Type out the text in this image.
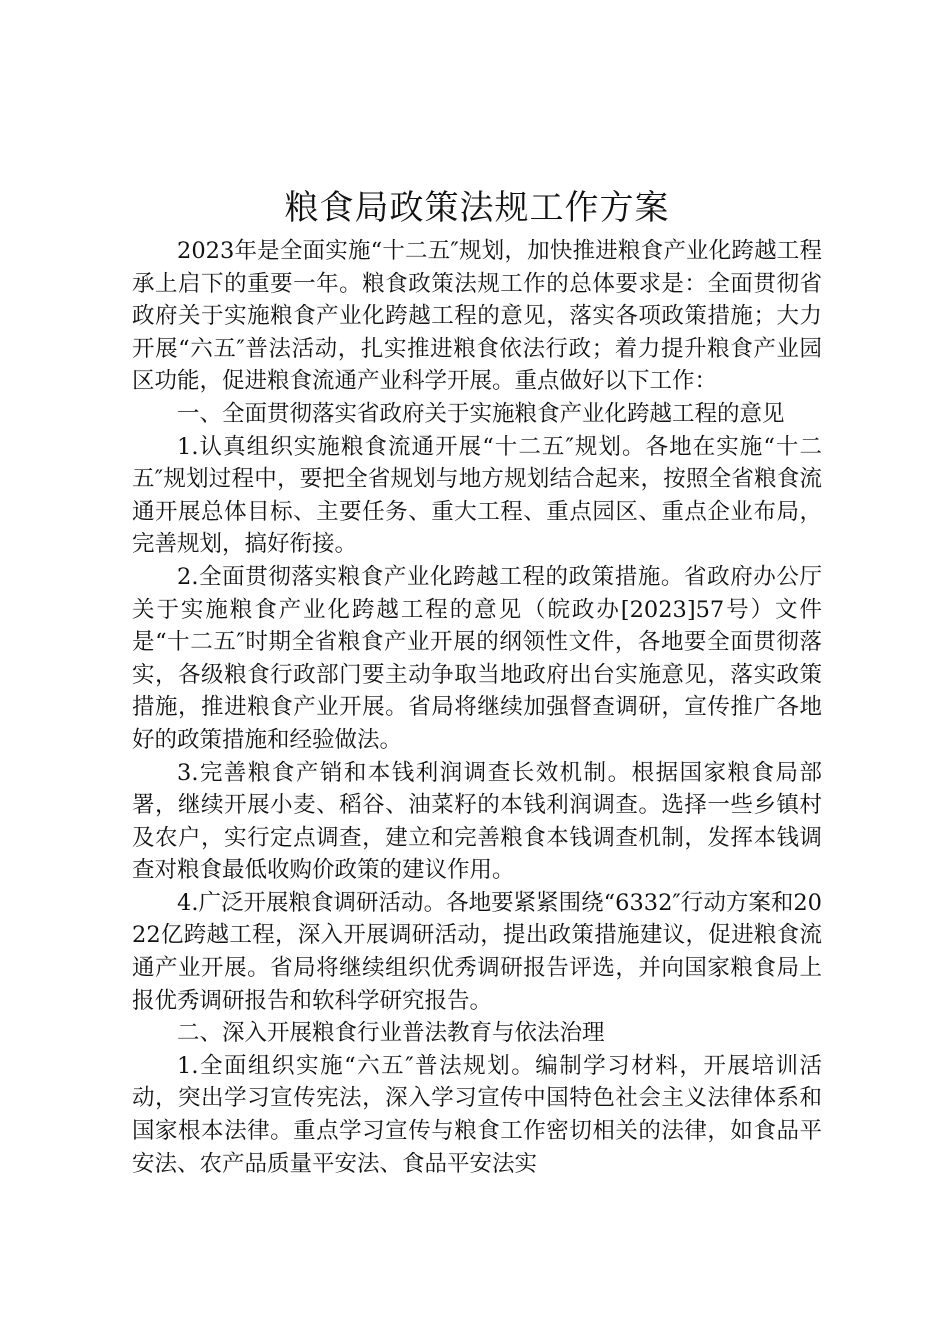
粮食局政策法规工作方案

2023年是全面实施“十二五″规划，加快推进粮食产业化跨越工程承上启下的重要一年。粮食政策法规工作的总体要求是：全面贯彻省政府关于实施粮食产业化跨越工程的意见，落实各项政策措施；大力开展“六五″普法活动，扎实推进粮食依法行政；着力提升粮食产业园区功能，促进粮食流通产业科学开展。重点做好以下工作：

一、全面贯彻落实省政府关于实施粮食产业化跨越工程的意见

1.认真组织实施粮食流通开展“十二五″规划。各地在实施“十二五″规划过程中，要把全省规划与地方规划结合起来，按照全省粮食流通开展总体目标、主要任务、重大工程、重点园区、重点企业布局，完善规划，搞好衔接。

2.全面贯彻落实粮食产业化跨越工程的政策措施。省政府办公厅关于实施粮食产业化跨越工程的意见（皖政办[2023]57号）文件是“十二五″时期全省粮食产业开展的纲领性文件，各地要全面贯彻落实，各级粮食行政部门要主动争取当地政府出台实施意见，落实政策措施，推进粮食产业开展。省局将继续加强督查调研，宣传推广各地好的政策措施和经验做法。

3.完善粮食产销和本钱利润调查长效机制。根据国家粮食局部署，继续开展小麦、稻谷、油菜籽的本钱利润调查。选择一些乡镇村及农户，实行定点调查，建立和完善粮食本钱调查机制，发挥本钱调查对粮食最低收购价政策的建议作用。

4.广泛开展粮食调研活动。各地要紧紧围绕“6332″行动方案和2022亿跨越工程，深入开展调研活动，提出政策措施建议，促进粮食流通产业开展。省局将继续组织优秀调研报告评选，并向国家粮食局上报优秀调研报告和软科学研究报告。

二、深入开展粮食行业普法教育与依法治理

1.全面组织实施“六五″普法规划。编制学习材料，开展培训活动，突出学习宣传宪法，深入学习宣传中国特色社会主义法律体系和国家根本法律。重点学习宣传与粮食工作密切相关的法律，如食品平安法、农产品质量平安法、食品平安法实
